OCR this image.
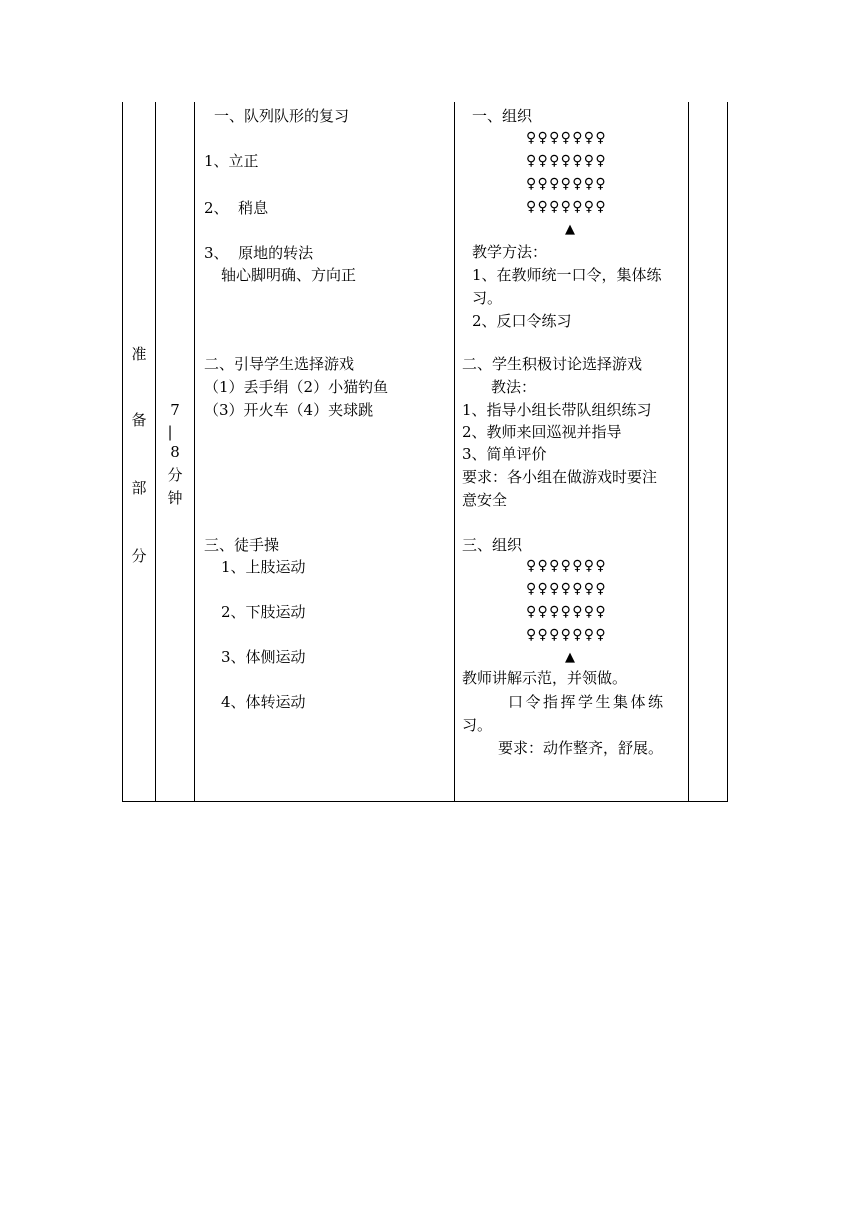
准
备
部
分
7
|
8
分
钟
一、队列队形的复习
1、立正
2、  稍息
3、  原地的转法
轴心脚明确、方向正
二、引导学生选择游戏
（1）丢手绢（2）小猫钓鱼
（3）开火车（4）夹球跳
三、徒手操
1、上肢运动
2、下肢运动
3、体侧运动
4、体转运动
一、组织
♀♀♀♀♀♀♀
♀♀♀♀♀♀♀
♀♀♀♀♀♀♀
♀♀♀♀♀♀♀
▲
教学方法：
1、在教师统一口令，集体练
习。
2、反口令练习
二、学生积极讨论选择游戏
教法：
1、指导小组长带队组织练习
2、教师来回巡视并指导
3、简单评价
要求：各小组在做游戏时要注
意安全
三、组织
♀♀♀♀♀♀♀
♀♀♀♀♀♀♀
♀♀♀♀♀♀♀
♀♀♀♀♀♀♀
▲
教师讲解示范，并领做。
口令指挥学生集体练
习。
要求：动作整齐，舒展。
